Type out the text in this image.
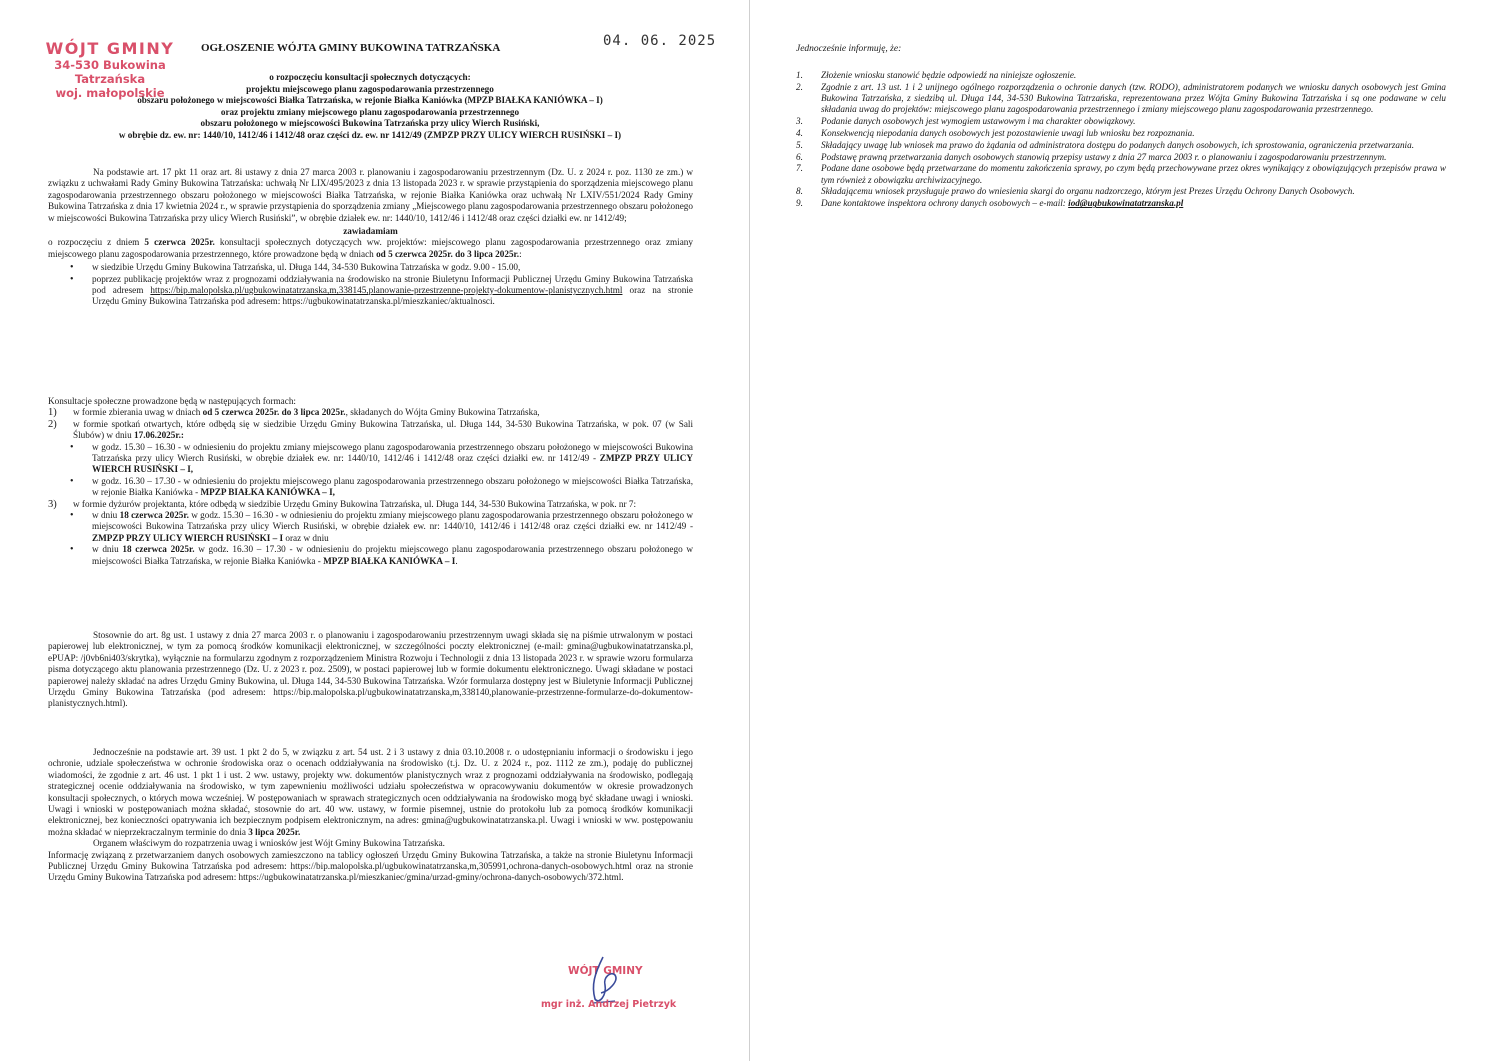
WÓJT GMINY
34-530 Bukowina Tatrzańska
woj. małopolskie
OGŁOSZENIE WÓJTA GMINY BUKOWINA TATRZAŃSKA	04. 06. 2025
o rozpoczęciu konsultacji społecznych dotyczących:
projektu miejscowego planu zagospodarowania przestrzennego
obszaru położonego w miejscowości Białka Tatrzańska, w rejonie Białka Kaniówka (MPZP BIAŁKA KANIÓWKA – I)
oraz projektu zmiany miejscowego planu zagospodarowania przestrzennego
obszaru położonego w miejscowości Bukowina Tatrzańska przy ulicy Wierch Rusiński,
w obrębie dz. ew. nr: 1440/10, 1412/46 i 1412/48 oraz części dz. ew. nr 1412/49 (ZMPZP PRZY ULICY WIERCH RUSIŃSKI – I)

Na podstawie art. 17 pkt 11 oraz art. 8i ustawy z dnia 27 marca 2003 r. planowaniu i zagospodarowaniu przestrzennym (Dz. U. z 2024 r. poz. 1130 ze zm.) w związku z uchwałami Rady Gminy Bukowina Tatrzańska: uchwałą Nr LIX/495/2023 z dnia 13 listopada 2023 r. w sprawie przystąpienia do sporządzenia miejscowego planu zagospodarowania przestrzennego obszaru położonego w miejscowości Białka Tatrzańska, w rejonie Białka Kaniówka oraz uchwałą Nr LXIV/551/2024 Rady Gminy Bukowina Tatrzańska z dnia 17 kwietnia 2024 r., w sprawie przystąpienia do sporządzenia zmiany „Miejscowego planu zagospodarowania przestrzennego obszaru położonego w miejscowości Bukowina Tatrzańska przy ulicy Wierch Rusiński”, w obrębie działek ew. nr: 1440/10, 1412/46 i 1412/48 oraz części działki ew. nr 1412/49;

zawiadamiam

o rozpoczęciu z dniem 5 czerwca 2025r. konsultacji społecznych dotyczących ww. projektów: miejscowego planu zagospodarowania przestrzennego oraz zmiany miejscowego planu zagospodarowania przestrzennego, które prowadzone będą w dniach od 5 czerwca 2025r. do 3 lipca 2025r.:

• w siedzibie Urzędu Gminy Bukowina Tatrzańska, ul. Długa 144, 34-530 Bukowina Tatrzańska w godz. 9.00 - 15.00,
• poprzez publikację projektów wraz z prognozami oddziaływania na środowisko na stronie Biuletynu Informacji Publicznej Urzędu Gminy Bukowina Tatrzańska pod adresem https://bip.malopolska.pl/ugbukowinatatrzanska,m,338145,planowanie-przestrzenne-projekty-dokumentow-planistycznych.html oraz na stronie Urzędu Gminy Bukowina Tatrzańska pod adresem: https://ugbukowinatatrzanska.pl/mieszkaniec/aktualnosci.

Konsultacje społeczne prowadzone będą w następujących formach:

1) w formie zbierania uwag w dniach od 5 czerwca 2025r. do 3 lipca 2025r., składanych do Wójta Gminy Bukowina Tatrzańska,
2) w formie spotkań otwartych, które odbędą się w siedzibie Urzędu Gminy Bukowina Tatrzańska, ul. Długa 144, 34-530 Bukowina Tatrzańska, w pok. 07 (w Sali Ślubów) w dniu 17.06.2025r.:
• w godz. 15.30 – 16.30 - w odniesieniu do projektu zmiany miejscowego planu zagospodarowania przestrzennego obszaru położonego w miejscowości Bukowina Tatrzańska przy ulicy Wierch Rusiński, w obrębie działek ew. nr: 1440/10, 1412/46 i 1412/48 oraz części działki ew. nr 1412/49 - ZMPZP PRZY ULICY WIERCH RUSIŃSKI – I,
• w godz. 16.30 – 17.30 - w odniesieniu do projektu miejscowego planu zagospodarowania przestrzennego obszaru położonego w miejscowości Białka Tatrzańska, w rejonie Białka Kaniówka - MPZP BIAŁKA KANIÓWKA – I,
3) w formie dyżurów projektanta, które odbędą w siedzibie Urzędu Gminy Bukowina Tatrzańska, ul. Długa 144, 34-530 Bukowina Tatrzańska, w pok. nr 7:
• w dniu 18 czerwca 2025r. w godz. 15.30 – 16.30 - w odniesieniu do projektu zmiany miejscowego planu zagospodarowania przestrzennego obszaru położonego w miejscowości Bukowina Tatrzańska przy ulicy Wierch Rusiński, w obrębie działek ew. nr: 1440/10, 1412/46 i 1412/48 oraz części działki ew. nr 1412/49 - ZMPZP PRZY ULICY WIERCH RUSIŃSKI – I oraz w dniu
• w dniu 18 czerwca 2025r. w godz. 16.30 – 17.30 - w odniesieniu do projektu miejscowego planu zagospodarowania przestrzennego obszaru położonego w miejscowości Białka Tatrzańska, w rejonie Białka Kaniówka - MPZP BIAŁKA KANIÓWKA – I.

Stosownie do art. 8g ust. 1 ustawy z dnia 27 marca 2003 r. o planowaniu i zagospodarowaniu przestrzennym uwagi składa się na piśmie utrwalonym w postaci papierowej lub elektronicznej, w tym za pomocą środków komunikacji elektronicznej, w szczególności poczty elektronicznej (e-mail: gmina@ugbukowinatatrzanska.pl, ePUAP: /j0vb6ni403/skrytka), wyłącznie na formularzu zgodnym z rozporządzeniem Ministra Rozwoju i Technologii z dnia 13 listopada 2023 r. w sprawie wzoru formularza pisma dotyczącego aktu planowania przestrzennego (Dz. U. z 2023 r. poz. 2509), w postaci papierowej lub w formie dokumentu elektronicznego. Uwagi składane w postaci papierowej należy składać na adres Urzędu Gminy Bukowina, ul. Długa 144, 34-530 Bukowina Tatrzańska. Wzór formularza dostępny jest w Biuletynie Informacji Publicznej Urzędu Gminy Bukowina Tatrzańska (pod adresem: https://bip.malopolska.pl/ugbukowinatatrzanska,m,338140,planowanie-przestrzenne-formularze-do-dokumentow-planistycznych.html).

Jednocześnie na podstawie art. 39 ust. 1 pkt 2 do 5, w związku z art. 54 ust. 2 i 3 ustawy z dnia 03.10.2008 r. o udostępnianiu informacji o środowisku i jego ochronie, udziale społeczeństwa w ochronie środowiska oraz o ocenach oddziaływania na środowisko (t.j. Dz. U. z 2024 r., poz. 1112 ze zm.), podaję do publicznej wiadomości, że zgodnie z art. 46 ust. 1 pkt 1 i ust. 2 ww. ustawy, projekty ww. dokumentów planistycznych wraz z prognozami oddziaływania na środowisko, podlegają strategicznej ocenie oddziaływania na środowisko, w tym zapewnieniu możliwości udziału społeczeństwa w opracowywaniu dokumentów w okresie prowadzonych konsultacji społecznych, o których mowa wcześniej. W postępowaniach w sprawach strategicznych ocen oddziaływania na środowisko mogą być składane uwagi i wnioski. Uwagi i wnioski w postępowaniach można składać, stosownie do art. 40 ww. ustawy, w formie pisemnej, ustnie do protokołu lub za pomocą środków komunikacji elektronicznej, bez konieczności opatrywania ich bezpiecznym podpisem elektronicznym, na adres: gmina@ugbukowinatatrzanska.pl. Uwagi i wnioski w ww. postępowaniu można składać w nieprzekraczalnym terminie do dnia 3 lipca 2025r.

Organem właściwym do rozpatrzenia uwag i wniosków jest Wójt Gminy Bukowina Tatrzańska.

Informację związaną z przetwarzaniem danych osobowych zamieszczono na tablicy ogłoszeń Urzędu Gminy Bukowina Tatrzańska, a także na stronie Biuletynu Informacji Publicznej Urzędu Gminy Bukowina Tatrzańska pod adresem: https://bip.malopolska.pl/ugbukowinatatrzanska,m,305991,ochrona-danych-osobowych.html oraz na stronie Urzędu Gminy Bukowina Tatrzańska pod adresem: https://ugbukowinatatrzanska.pl/mieszkaniec/gmina/urzad-gminy/ochrona-danych-osobowych/372.html.

WÓJT GMINY
mgr inż. Andrzej Pietrzyk
Jednocześnie informuję, że:
1. Złożenie wniosku stanowić będzie odpowiedź na niniejsze ogłoszenie.
2. Zgodnie z art. 13 ust. 1 i 2 unijnego ogólnego rozporządzenia o ochronie danych (tzw. RODO), administratorem podanych we wniosku danych osobowych jest Gmina Bukowina Tatrzańska, z siedzibą ul. Długa 144, 34-530 Bukowina Tatrzańska, reprezentowana przez Wójta Gminy Bukowina Tatrzańska i są one podawane w celu składania uwag do projektów: miejscowego planu zagospodarowania przestrzennego i zmiany miejscowego planu zagospodarowania przestrzennego.
3. Podanie danych osobowych jest wymogiem ustawowym i ma charakter obowiązkowy.
4. Konsekwencją niepodania danych osobowych jest pozostawienie uwagi lub wniosku bez rozpoznania.
5. Składający uwagę lub wniosek ma prawo do żądania od administratora dostępu do podanych danych osobowych, ich sprostowania, ograniczenia przetwarzania.
6. Podstawę prawną przetwarzania danych osobowych stanowią przepisy ustawy z dnia 27 marca 2003 r. o planowaniu i zagospodarowaniu przestrzennym.
7. Podane dane osobowe będą przetwarzane do momentu zakończenia sprawy, po czym będą przechowywane przez okres wynikający z obowiązujących przepisów prawa w tym również z obowiązku archiwizacyjnego.
8. Składającemu wniosek przysługuje prawo do wniesienia skargi do organu nadzorczego, którym jest Prezes Urzędu Ochrony Danych Osobowych.
9. Dane kontaktowe inspektora ochrony danych osobowych – e-mail: iod@ugbukowinatatrzanska.pl
